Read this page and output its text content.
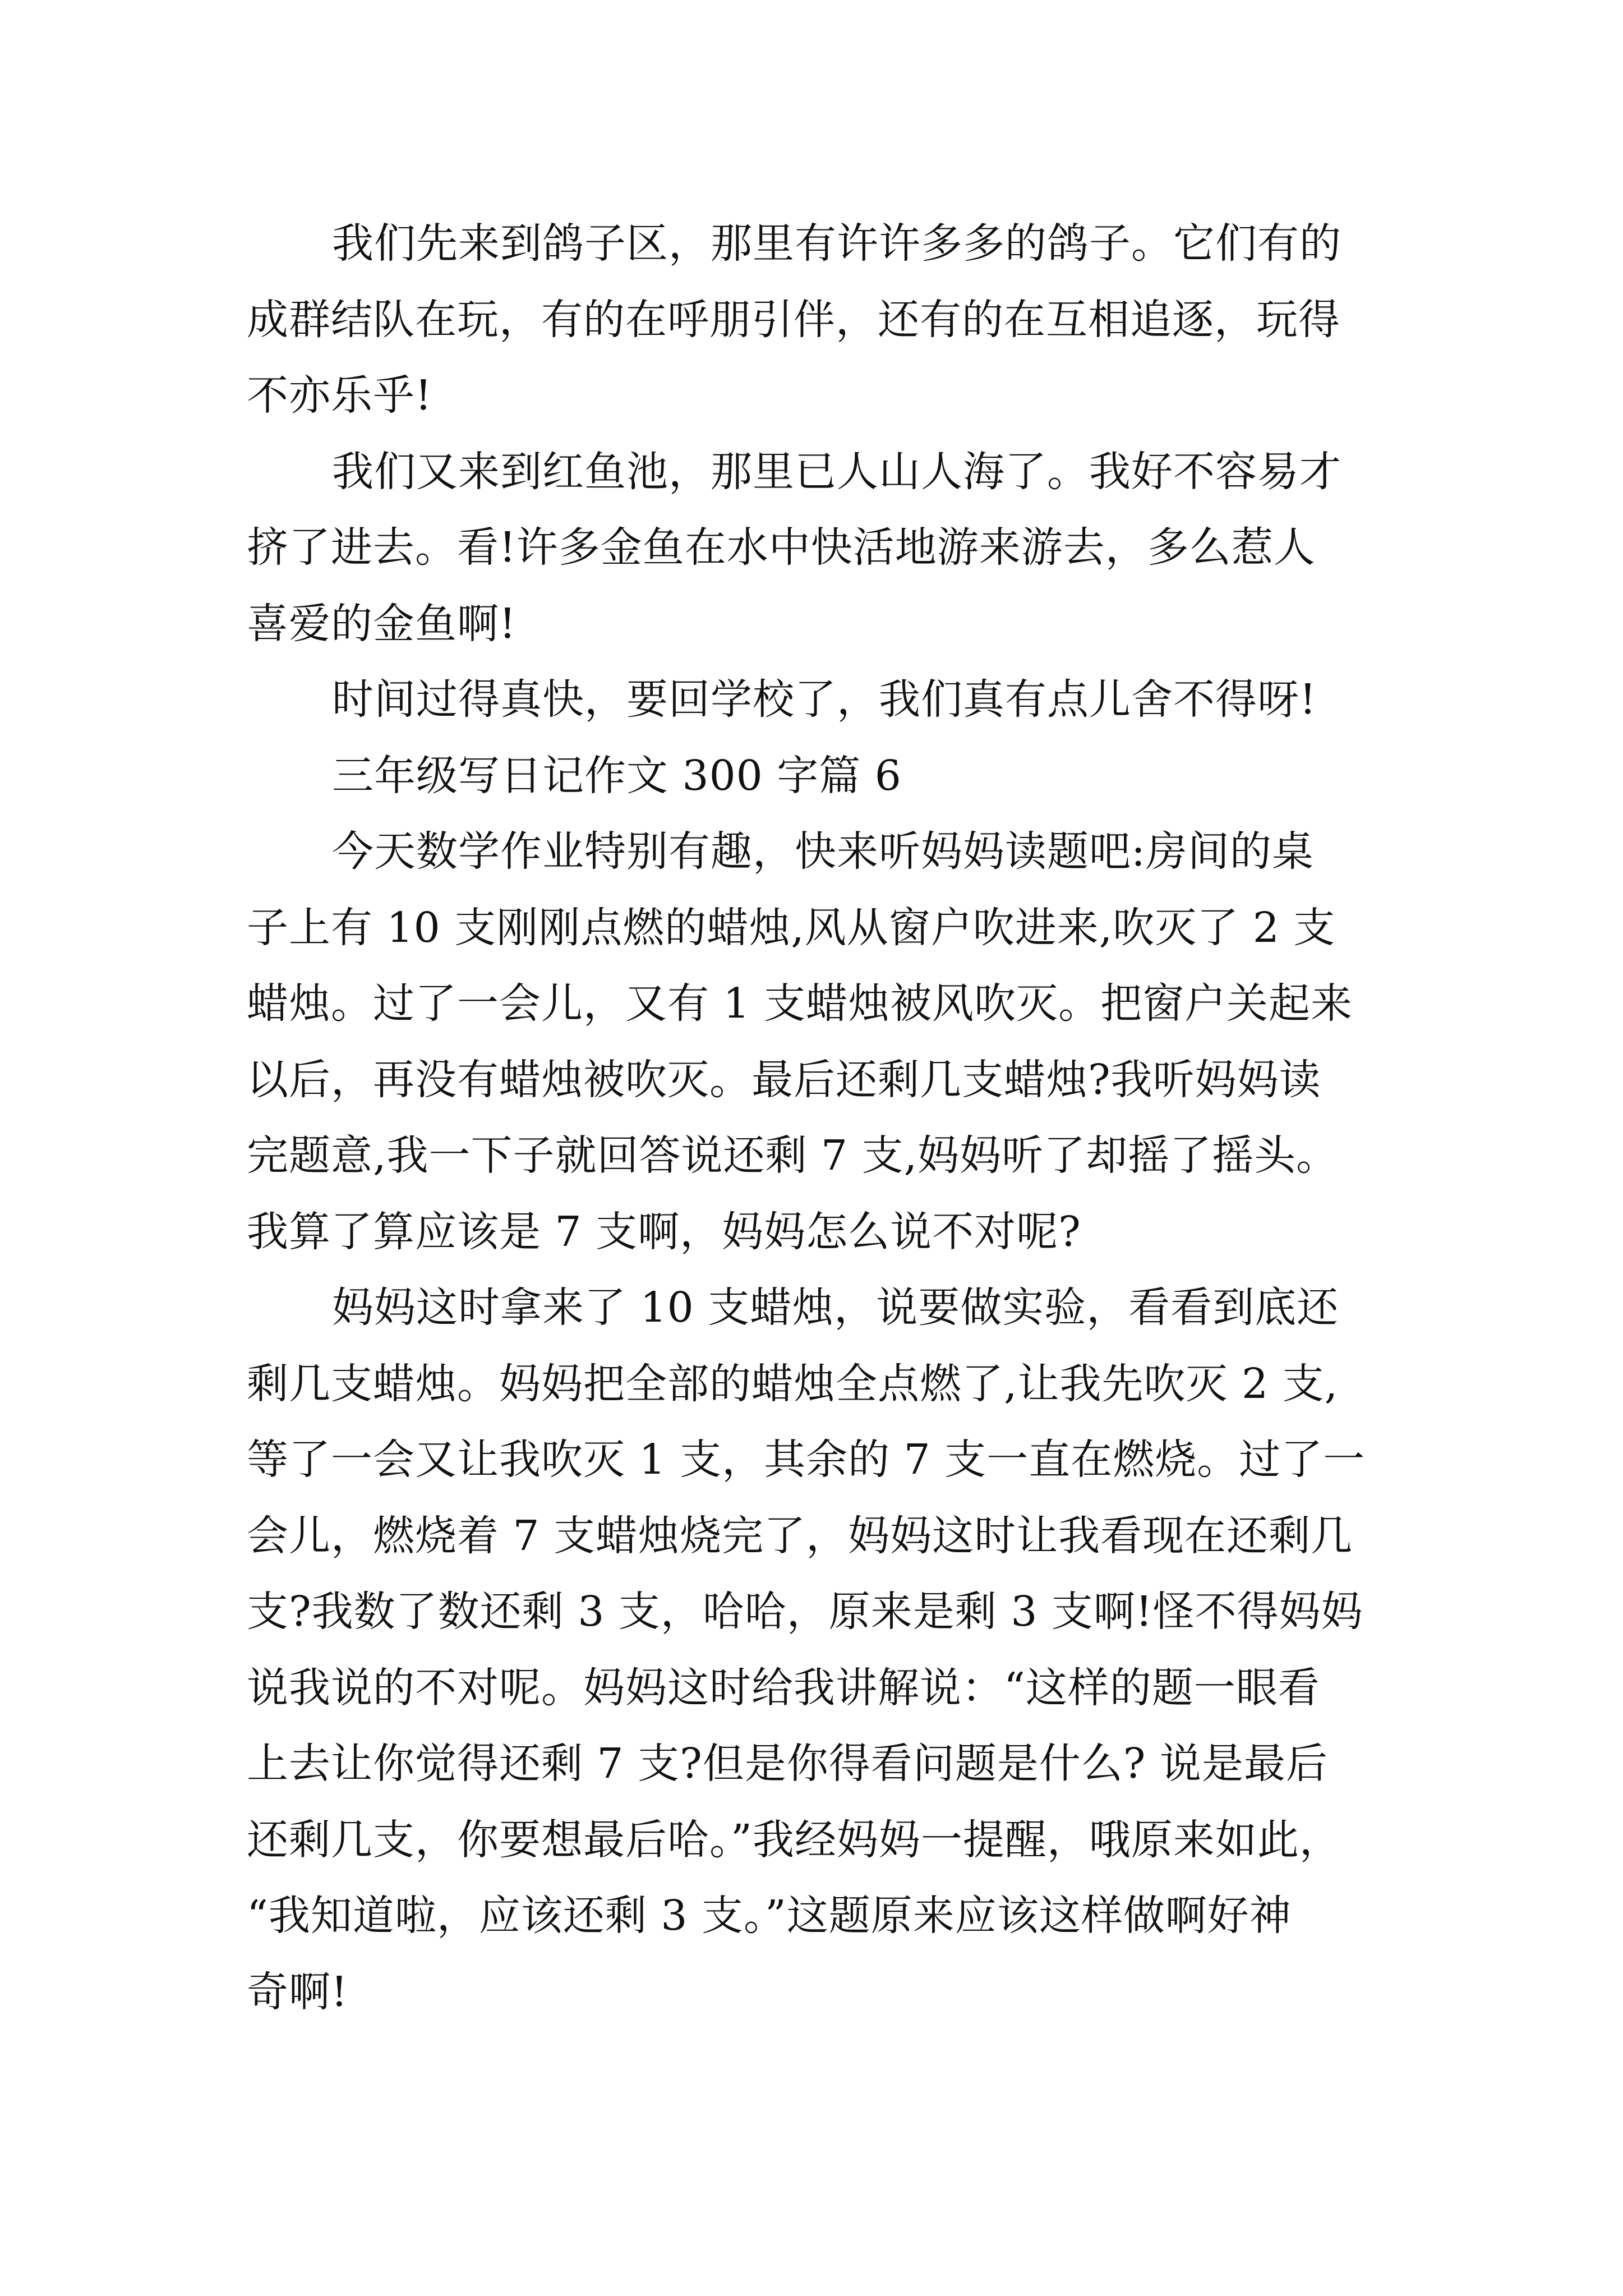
我们先来到鸽子区，那里有许许多多的鸽子。它们有的
成群结队在玩，有的在呼朋引伴，还有的在互相追逐，玩得
不亦乐乎!
我们又来到红鱼池，那里已人山人海了。我好不容易才
挤了进去。看!许多金鱼在水中快活地游来游去，多么惹人
喜爱的金鱼啊!
时间过得真快，要回学校了，我们真有点儿舍不得呀!
三年级写日记作文 300 字篇 6
今天数学作业特别有趣，快来听妈妈读题吧:房间的桌
子上有 10 支刚刚点燃的蜡烛,风从窗户吹进来,吹灭了 2 支
蜡烛。过了一会儿，又有 1 支蜡烛被风吹灭。把窗户关起来
以后，再没有蜡烛被吹灭。最后还剩几支蜡烛?我听妈妈读
完题意,我一下子就回答说还剩 7 支,妈妈听了却摇了摇头。
我算了算应该是 7 支啊，妈妈怎么说不对呢?
妈妈这时拿来了 10 支蜡烛，说要做实验，看看到底还
剩几支蜡烛。妈妈把全部的蜡烛全点燃了,让我先吹灭 2 支,
等了一会又让我吹灭 1 支，其余的 7 支一直在燃烧。过了一
会儿，燃烧着 7 支蜡烛烧完了，妈妈这时让我看现在还剩几
支?我数了数还剩 3 支，哈哈，原来是剩 3 支啊!怪不得妈妈
说我说的不对呢。妈妈这时给我讲解说：“这样的题一眼看
上去让你觉得还剩 7 支?但是你得看问题是什么? 说是最后
还剩几支，你要想最后哈。”我经妈妈一提醒，哦原来如此，
“我知道啦，应该还剩 3 支。”这题原来应该这样做啊好神
奇啊!
